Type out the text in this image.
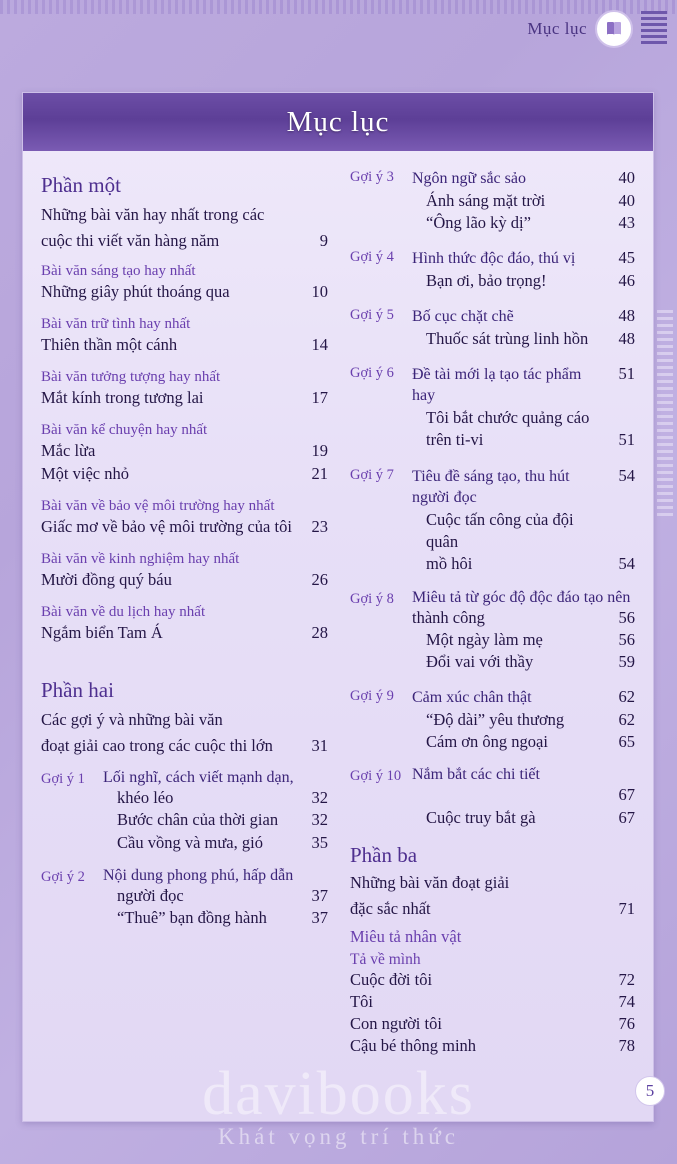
Mục lục
Mục lục
Phần một
Những bài văn hay nhất trong các
cuộc thi viết văn hàng năm	9
Bài văn sáng tạo hay nhất
Những giây phút thoáng qua	10
Bài văn trữ tình hay nhất
Thiên thần một cánh	14
Bài văn tưởng tượng hay nhất
Mắt kính trong tương lai	17
Bài văn kể chuyện hay nhất
Mắc lừa	19
Một việc nhỏ	21
Bài văn về bảo vệ môi trường hay nhất
Giấc mơ về bảo vệ môi trường của tôi	23
Bài văn về kinh nghiệm hay nhất
Mười đồng quý báu	26
Bài văn về du lịch hay nhất
Ngắm biển Tam Á	28
Phần hai
Các gợi ý và những bài văn
đoạt giải cao trong các cuộc thi lớn	31
Gợi ý 1	Lối nghĩ, cách viết mạnh dạn,
khéo léo	32
Bước chân của thời gian	32
Cầu vồng và mưa, gió	35
Gợi ý 2	Nội dung phong phú, hấp dẫn
người đọc	37
“Thuê” bạn đồng hành	37
Gợi ý 3	Ngôn ngữ sắc sảo	40
Ánh sáng mặt trời	40
“Ông lão kỳ dị”	43
Gợi ý 4	Hình thức độc đáo, thú vị	45
Bạn ơi, bảo trọng!	46
Gợi ý 5	Bố cục chặt chẽ	48
Thuốc sát trùng linh hồn	48
Gợi ý 6	Đề tài mới lạ tạo tác phẩm hay
51
Tôi bắt chước quảng cáo
trên ti-vi	51
Gợi ý 7	Tiêu đề sáng tạo, thu hút người đọc
54
Cuộc tấn công của đội quân
mồ hôi	54
Gợi ý 8	Miêu tả từ góc độ độc đáo tạo nên
thành công	56
Một ngày làm mẹ	56
Đổi vai với thầy	59
Gợi ý 9	Cảm xúc chân thật	62
“Độ dài” yêu thương	62
Cám ơn ông ngoại	65
Gợi ý 10 Nắm bắt các chi tiết
67
Cuộc truy bắt gà	67
Phần ba
Những bài văn đoạt giải
đặc sắc nhất	71
Miêu tả nhân vật
Tả về mình
Cuộc đời tôi	72
Tôi	74
Con người tôi	76
Cậu bé thông minh	78
davibooks
Khát vọng trí thức
5
